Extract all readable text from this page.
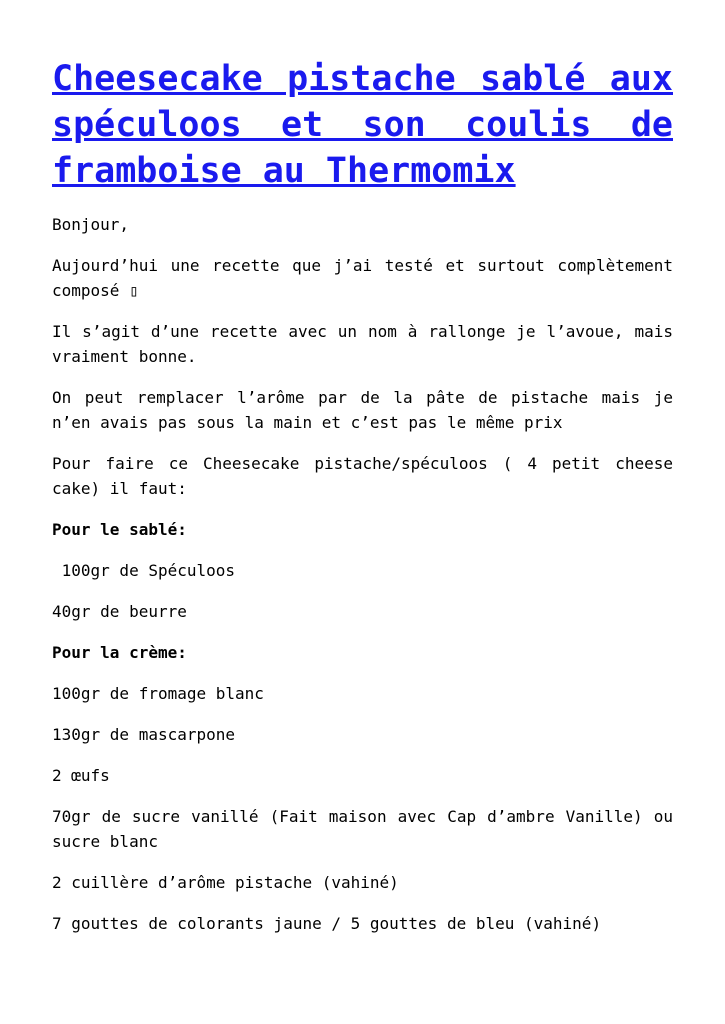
Cheesecake pistache sablé aux spéculoos et son coulis de framboise au Thermomix

Bonjour,

Aujourd’hui une recette que j’ai testé et surtout complètement composé ▯

Il s’agit d’une recette avec un nom à rallonge je l’avoue, mais vraiment bonne.

On peut remplacer l’arôme par de la pâte de pistache mais je n’en avais pas sous la main et c’est pas le même prix

Pour faire ce Cheesecake pistache/spéculoos ( 4 petit cheese cake) il faut:

Pour le sablé:

100gr de Spéculoos

40gr de beurre

Pour la crème:

100gr de fromage blanc

130gr de mascarpone

2 œufs

70gr de sucre vanillé (Fait maison avec Cap d’ambre Vanille) ou sucre blanc

2 cuillère d’arôme pistache (vahiné)

7 gouttes de colorants jaune / 5 gouttes de bleu (vahiné)
